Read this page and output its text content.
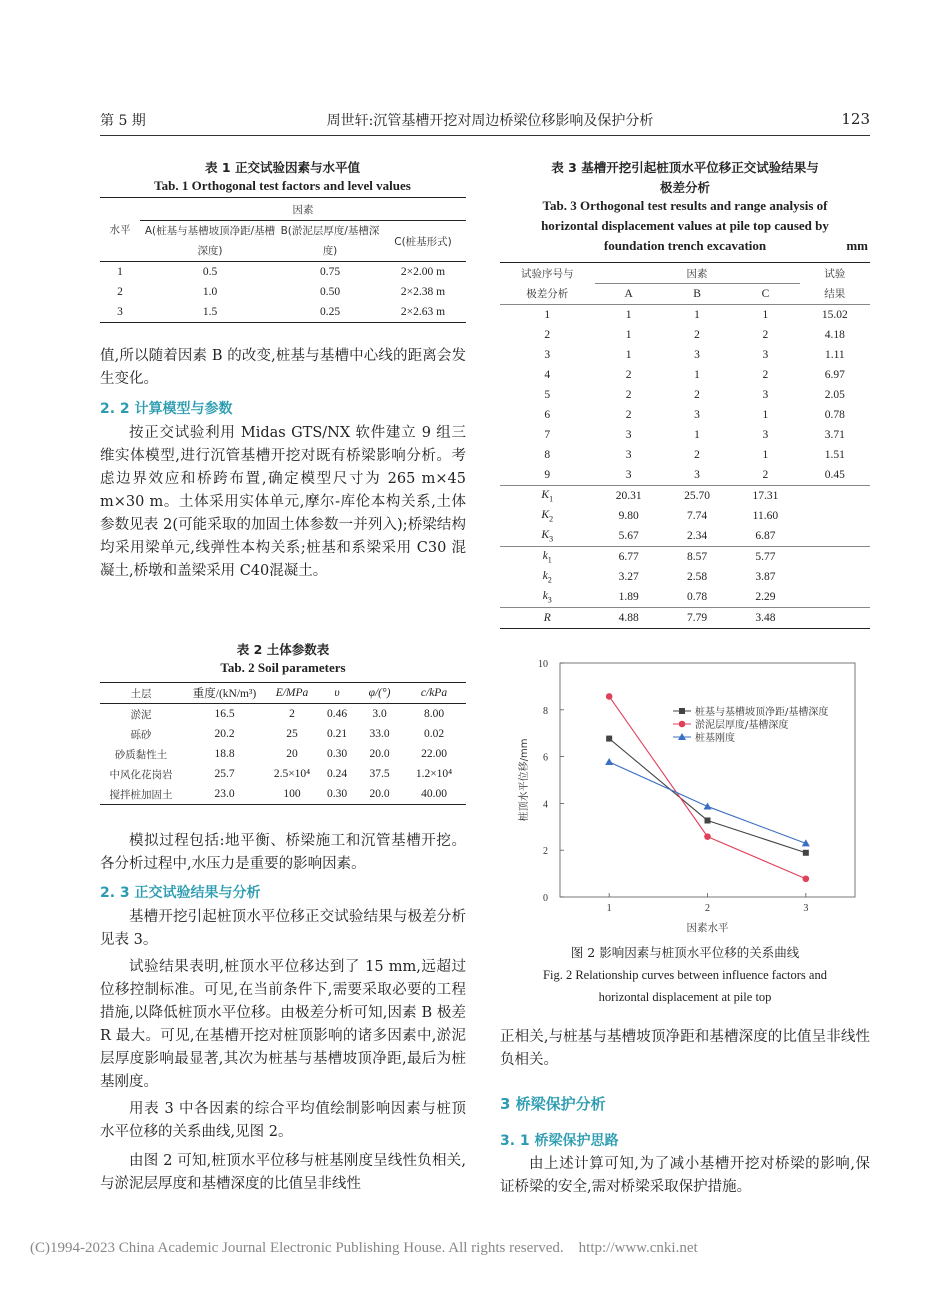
第 5 期	周世轩:沉管基槽开挖对周边桥梁位移影响及保护分析	123
表 1 正交试验因素与水平值
Tab. 1 Orthogonal test factors and level values
水平	因素		
	A(桩基与基槽坡顶净距/基槽深度)	B(淤泥层厚度/基槽深度)	C(桩基形式)

1	0.5	0.75	2×2.00 m
2	1.0	0.50	2×2.38 m
3	1.5	0.25	2×2.63 m
值,所以随着因素 B 的改变,桩基与基槽中心线的距离会发生变化。
2. 2 计算模型与参数
按正交试验利用 Midas GTS/NX 软件建立 9 组三维实体模型,进行沉管基槽开挖对既有桥梁影响分析。考虑边界效应和桥跨布置,确定模型尺寸为 265 m×45 m×30 m。土体采用实体单元,摩尔-库伦本构关系,土体参数见表 2(可能采取的加固土体参数一并列入);桥梁结构均采用梁单元,线弹性本构关系;桩基和系梁采用 C30 混凝土,桥墩和盖梁采用 C40混凝土。
表 2 土体参数表
Tab. 2 Soil parameters
土层	重度/(kN/m³)	E/MPa	υ	φ/(°)	c/kPa
淤泥	16.5	2	0.46	3.0	8.00
砾砂	20.2	25	0.21	33.0	0.02
砂质黏性土	18.8	20	0.30	20.0	22.00
中风化花岗岩	25.7	2.5×10⁴	0.24	37.5	1.2×10⁴
搅拌桩加固土	23.0	100	0.30	20.0	40.00
模拟过程包括:地平衡、桥梁施工和沉管基槽开挖。各分析过程中,水压力是重要的影响因素。
2. 3 正交试验结果与分析
基槽开挖引起桩顶水平位移正交试验结果与极差分析见表 3。
试验结果表明,桩顶水平位移达到了 15 mm,远超过位移控制标准。可见,在当前条件下,需要采取必要的工程措施,以降低桩顶水平位移。由极差分析可知,因素 B 极差 R 最大。可见,在基槽开挖对桩顶影响的诸多因素中,淤泥层厚度影响最显著,其次为桩基与基槽坡顶净距,最后为桩基刚度。
用表 3 中各因素的综合平均值绘制影响因素与桩顶水平位移的关系曲线,见图 2。
由图 2 可知,桩顶水平位移与桩基刚度呈线性负相关,与淤泥层厚度和基槽深度的比值呈非线性
表 3 基槽开挖引起桩顶水平位移正交试验结果与
极差分析
Tab. 3 Orthogonal test results and range analysis of
horizontal displacement values at pile top caused by
foundation trench excavation	mm
试验序号与
极差分析	因素			试验
结果
	A	B	C	
1	1	1	1	15.02
2	1	2	2	4.18
3	1	3	3	1.11
4	2	1	2	6.97
5	2	2	3	2.05
6	2	3	1	0.78
7	3	1	3	3.71
8	3	2	1	1.51
9	3	3	2	0.45
$K_1$	20.31	25.70	17.31	
$K_2$	9.80	7.74	11.60	
$K_3$	5.67	2.34	6.87	
$k_1$	6.77	8.57	5.77	
$k_2$	3.27	2.58	3.87	
$k_3$	1.89	0.78	2.29	
R	4.88	7.79	3.48	
0
2
4
6
8
10
1	2	3
因素水平
桩顶水平位移/mm
桩基与基槽坡顶净距/基槽深度
淤泥层厚度/基槽深度
桩基刚度
图 2 影响因素与桩顶水平位移的关系曲线
Fig. 2 Relationship curves between influence factors and
horizontal displacement at pile top
正相关,与桩基与基槽坡顶净距和基槽深度的比值呈非线性负相关。
3 桥梁保护分析
3. 1 桥梁保护思路
由上述计算可知,为了减小基槽开挖对桥梁的影响,保证桥梁的安全,需对桥梁采取保护措施。
(C)1994-2023 China Academic Journal Electronic Publishing House. All rights reserved.    http://www.cnki.net
